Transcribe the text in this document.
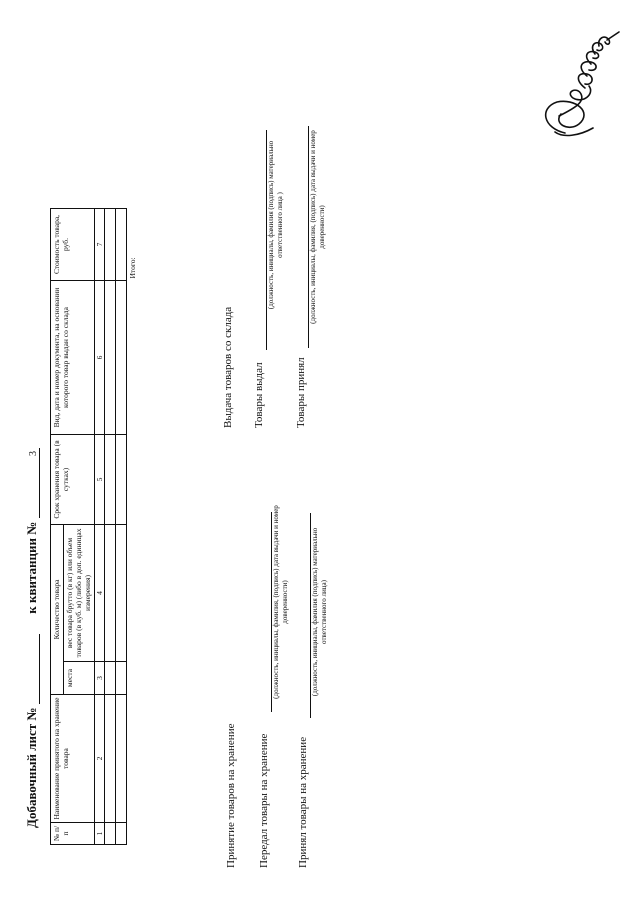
3
Добавочный лист №   к квитанции №
№ п/п	Наименование принятого на хранение товара	Количество товара		Срок хранения товара (в сутках)	Вид, дата и номер документа, на основании которого товар выдан со склада	Стоимость товара, руб.
		места	вес товара брутто (в кг) или объем товаров (в куб. м) (либо в доп. единицах измерения)			
1	2	3	4	5	6	7

						Итого:
Принятие товаров на хранение Передал товары на хранение
(должность, инициалы, фамилия, (подпись) дата выдачи и номер доверенности)
Принял товары на хранение
(должность, инициалы, фамилия (подпись) материально ответственного лица)
Выдача товаров со склада Товары выдал
(должность, инициалы, фамилия (подпись) материально ответственного лица )
Товары принял
(должность, инициалы, фамилия, (подпись) дата выдачи и номер доверенности)
